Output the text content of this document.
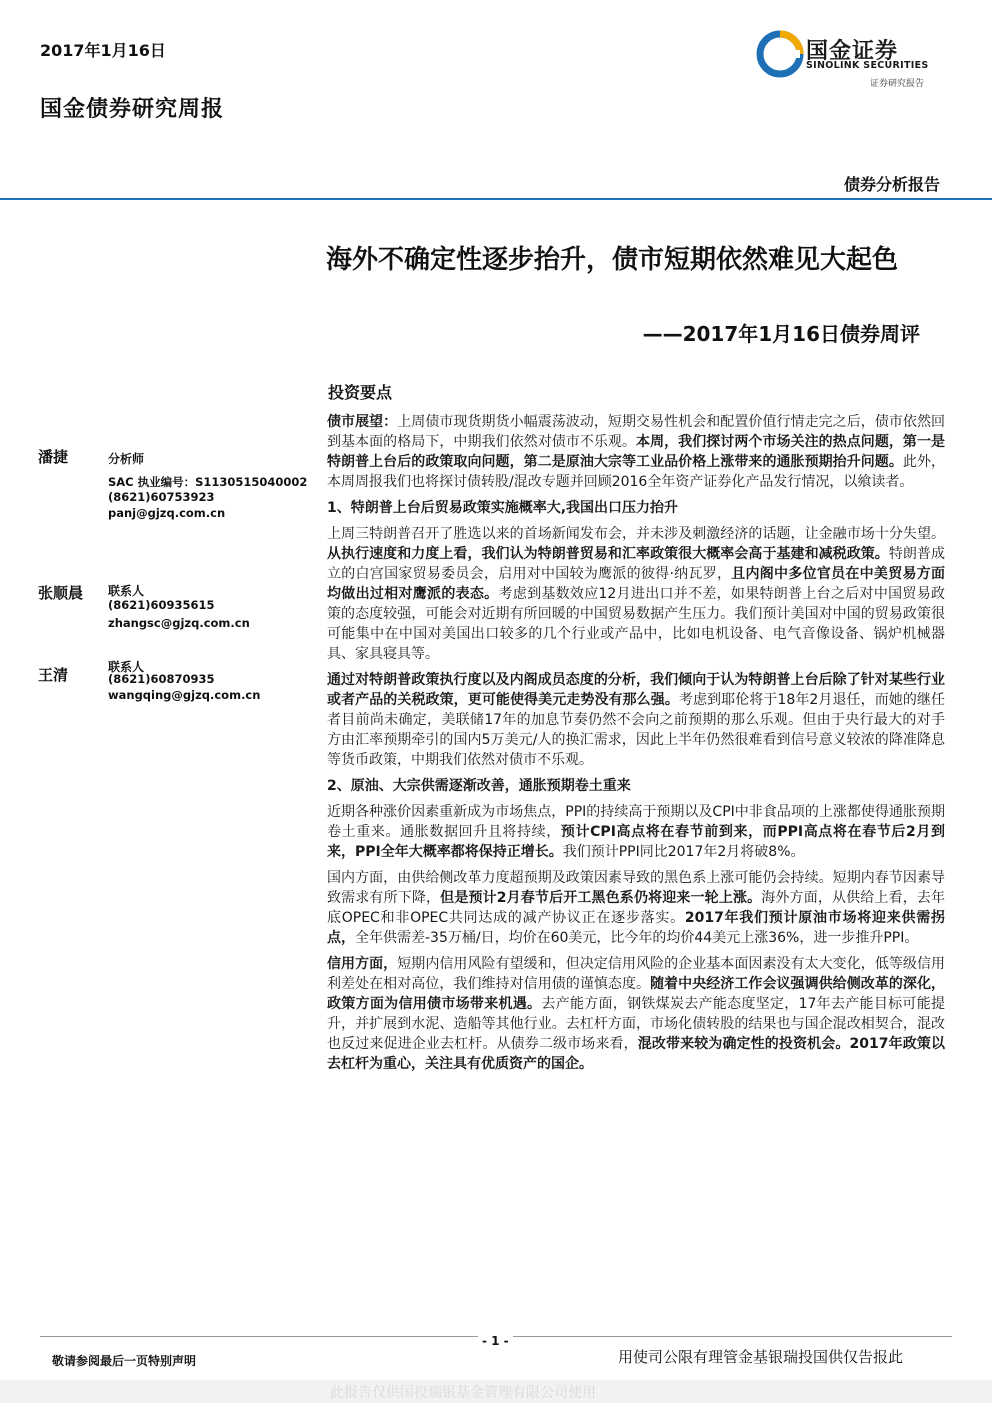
2017年1月16日
国金债券研究周报
国金证券
SINOLINK SECURITIES
证券研究报告
债券分析报告
海外不确定性逐步抬升，债市短期依然难见大起色
——2017年1月16日债券周评
投资要点
潘捷	分析师
SAC 执业编号：S1130515040002
(8621)60753923
panj@gjzq.com.cn
张顺晨 联系人
(8621)60935615
zhangsc@gjzq.com.cn
王清	联系人
(8621)60870935
wangqing@gjzq.com.cn

债市展望：上周债市现货期货小幅震荡波动，短期交易性机会和配置价值行情走完之后，债市依然回到基本面的格局下，中期我们依然对债市不乐观。本周，我们探讨两个市场关注的热点问题，第一是特朗普上台后的政策取向问题，第二是原油大宗等工业品价格上涨带来的通胀预期抬升问题。此外，本周周报我们也将探讨债转股/混改专题并回顾2016全年资产证券化产品发行情况，以飨读者。

1、特朗普上台后贸易政策实施概率大,我国出口压力抬升

上周三特朗普召开了胜选以来的首场新闻发布会，并未涉及刺激经济的话题，让金融市场十分失望。从执行速度和力度上看，我们认为特朗普贸易和汇率政策很大概率会高于基建和减税政策。特朗普成立的白宫国家贸易委员会，启用对中国较为鹰派的彼得·纳瓦罗，且内阁中多位官员在中美贸易方面均做出过相对鹰派的表态。考虑到基数效应12月进出口并不差，如果特朗普上台之后对中国贸易政策的态度较强，可能会对近期有所回暖的中国贸易数据产生压力。我们预计美国对中国的贸易政策很可能集中在中国对美国出口较多的几个行业或产品中，比如电机设备、电气音像设备、锅炉机械器具、家具寝具等。

通过对特朗普政策执行度以及内阁成员态度的分析，我们倾向于认为特朗普上台后除了针对某些行业或者产品的关税政策，更可能使得美元走势没有那么强。考虑到耶伦将于18年2月退任，而她的继任者目前尚未确定，美联储17年的加息节奏仍然不会向之前预期的那么乐观。但由于央行最大的对手方由汇率预期牵引的国内5万美元/人的换汇需求，因此上半年仍然很难看到信号意义较浓的降准降息等货币政策，中期我们依然对债市不乐观。

2、原油、大宗供需逐渐改善，通胀预期卷土重来

近期各种涨价因素重新成为市场焦点，PPI的持续高于预期以及CPI中非食品项的上涨都使得通胀预期卷土重来。通胀数据回升且将持续，预计CPI高点将在春节前到来，而PPI高点将在春节后2月到来，PPI全年大概率都将保持正增长。我们预计PPI同比2017年2月将破8%。

国内方面，由供给侧改革力度超预期及政策因素导致的黑色系上涨可能仍会持续。短期内春节因素导致需求有所下降，但是预计2月春节后开工黑色系仍将迎来一轮上涨。海外方面，从供给上看，去年底OPEC和非OPEC共同达成的减产协议正在逐步落实。2017年我们预计原油市场将迎来供需拐点，全年供需差-35万桶/日，均价在60美元，比今年的均价44美元上涨36%，进一步推升PPI。

信用方面，短期内信用风险有望缓和，但决定信用风险的企业基本面因素没有太大变化，低等级信用利差处在相对高位，我们维持对信用债的谨慎态度。随着中央经济工作会议强调供给侧改革的深化，政策方面为信用债市场带来机遇。去产能方面，钢铁煤炭去产能态度坚定，17年去产能目标可能提升，并扩展到水泥、造船等其他行业。去杠杆方面，市场化债转股的结果也与国企混改相契合，混改也反过来促进企业去杠杆。从债券二级市场来看，混改带来较为确定性的投资机会。2017年政策以去杠杆为重心，关注具有优质资产的国企。

- 1 -
敬请参阅最后一页特别声明	用使司公限有理管金基银瑞投国供仅告报此
此报告仅供国投瑞银基金管理有限公司使用
